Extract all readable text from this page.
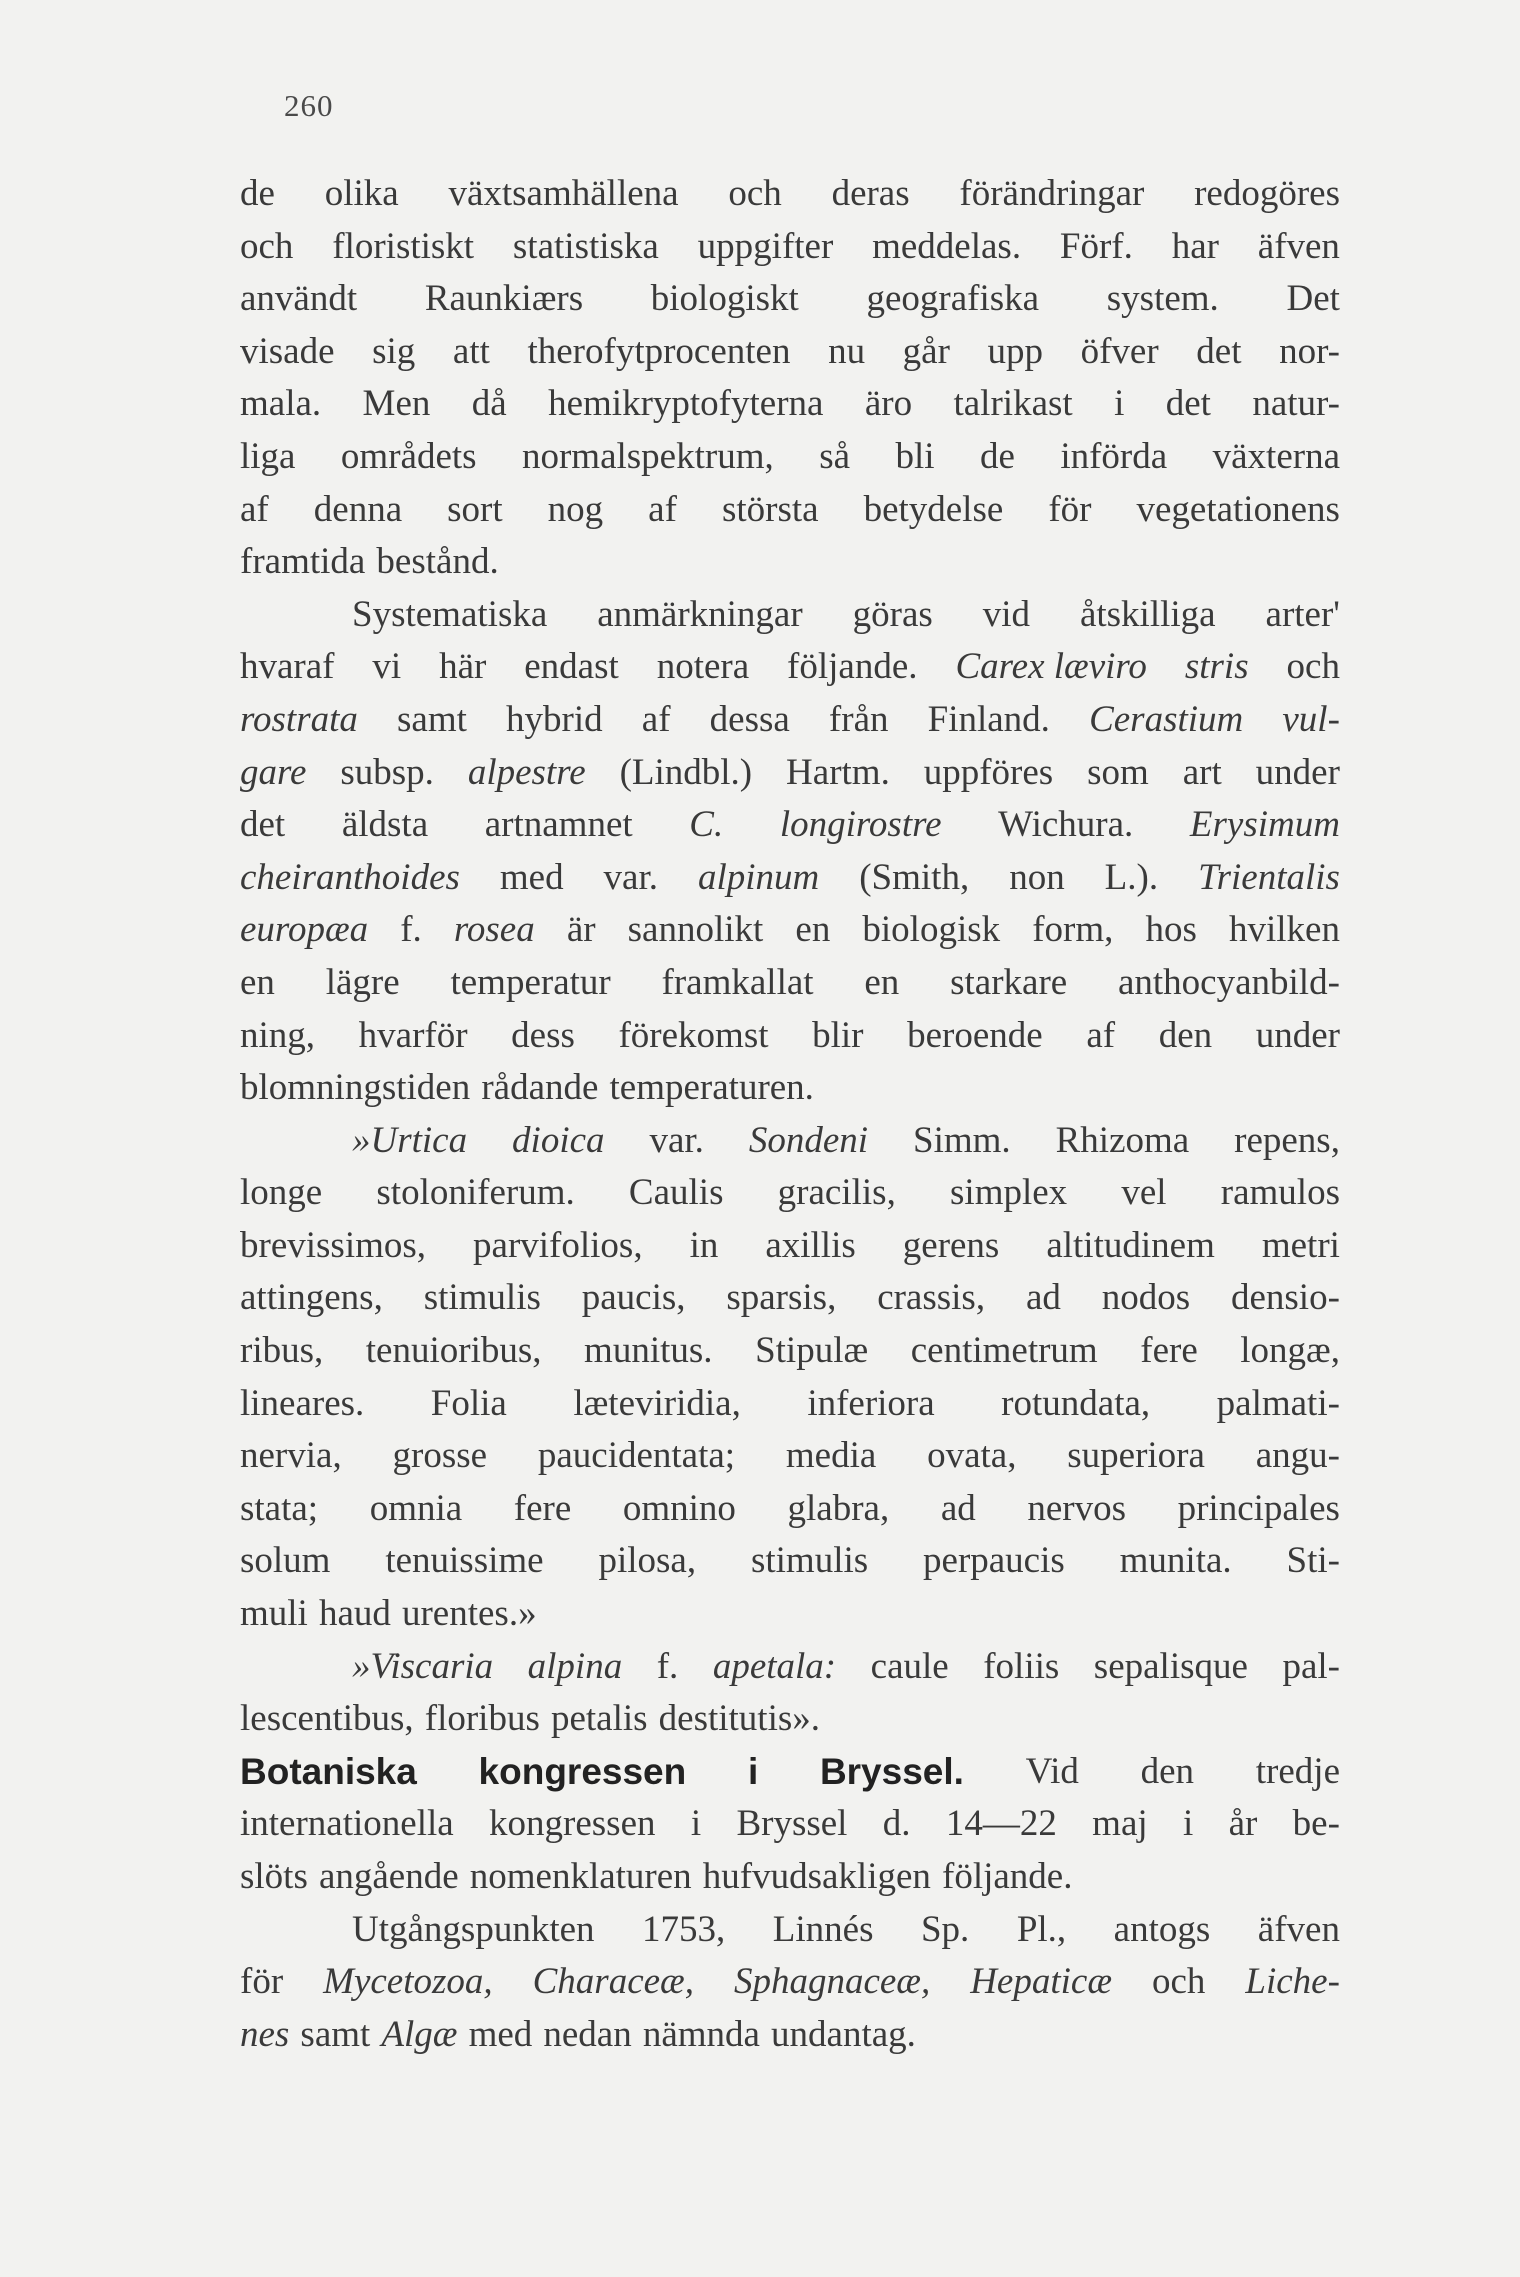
260
de olika växtsamhällena och deras förändringar redogöres
och floristiskt statistiska uppgifter meddelas. Förf. har äfven
användt Raunkiærs biologiskt geografiska system. Det
visade sig att therofytprocenten nu går upp öfver det nor-
mala. Men då hemikryptofyterna äro talrikast i det natur-
liga områdets normalspektrum, så bli de införda växterna
af denna sort nog af största betydelse för vegetationens
framtida bestånd.
Systematiska anmärkningar göras vid åtskilliga arter'
hvaraf vi här endast notera följande. Carex læviro stris och
rostrata samt hybrid af dessa från Finland. Cerastium vul-
gare subsp. alpestre (Lindbl.) Hartm. uppföres som art under
det äldsta artnamnet C. longirostre Wichura. Erysimum
cheiranthoides med var. alpinum (Smith, non L.). Trientalis
europæa f. rosea är sannolikt en biologisk form, hos hvilken
en lägre temperatur framkallat en starkare anthocyanbild-
ning, hvarför dess förekomst blir beroende af den under
blomningstiden rådande temperaturen.
»Urtica dioica var. Sondeni Simm. Rhizoma repens,
longe stoloniferum. Caulis gracilis, simplex vel ramulos
brevissimos, parvifolios, in axillis gerens altitudinem metri
attingens, stimulis paucis, sparsis, crassis, ad nodos densio-
ribus, tenuioribus, munitus. Stipulæ centimetrum fere longæ,
lineares. Folia læteviridia, inferiora rotundata, palmati-
nervia, grosse paucidentata; media ovata, superiora angu-
stata; omnia fere omnino glabra, ad nervos principales
solum tenuissime pilosa, stimulis perpaucis munita. Sti-
muli haud urentes.»
»Viscaria alpina f. apetala: caule foliis sepalisque pal-
lescentibus, floribus petalis destitutis».
Botaniska kongressen i Bryssel. Vid den tredje
internationella kongressen i Bryssel d. 14—22 maj i år be-
slöts angående nomenklaturen hufvudsakligen följande.
Utgångspunkten 1753, Linnés Sp. Pl., antogs äfven
för Mycetozoa, Characeæ, Sphagnaceæ, Hepaticæ och Liche-
nes samt Algæ med nedan nämnda undantag.
